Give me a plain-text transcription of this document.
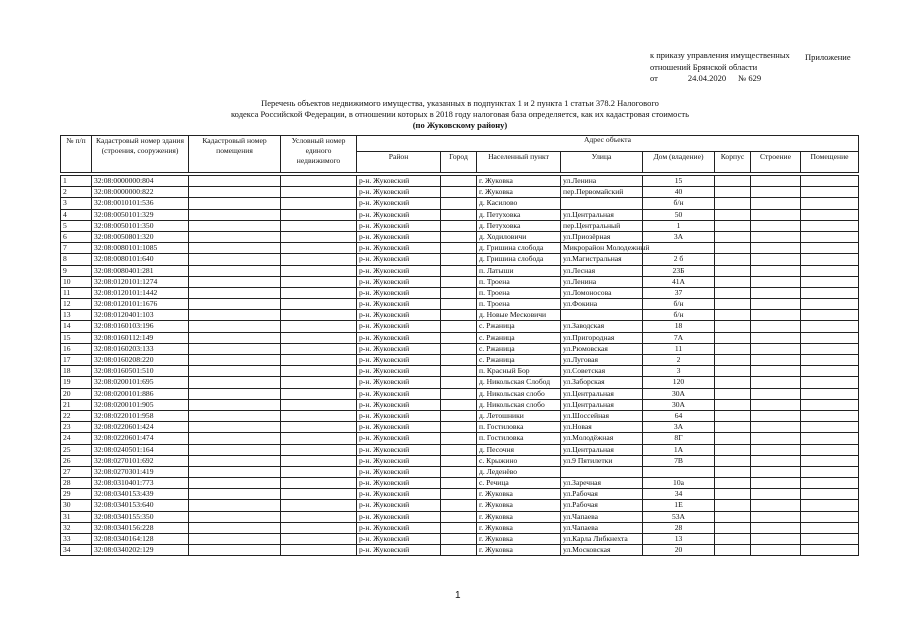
Приложение
к приказу управления имущественных
отношений Брянской области
от	24.04.2020 № 629
Перечень объектов недвижимого имущества, указанных в подпунктах 1 и 2 пункта 1 статьи 378.2 Налогового
кодекса Российской Федерации, в отношении которых в 2018 году налоговая база определяется, как их кадастровая стоимость
(по Жуковскому району)
№ п/п	Кадастровый номер здания (строения, сооружения)	Кадастровый номер помещения	Условный номер единого недвижимого	Адрес объекта							
				Район	Город	Населенный пункт	Улица	Дом (владение)	Корпус	Строение	Помещение

1	32:08:0000000:804			р-н. Жуковский		г. Жуковка	ул.Ленина	15			
2	32:08:0000000:822			р-н. Жуковский		г. Жуковка	пер.Первомайский	40			
3	32:08:0010101:536			р-н. Жуковский		д. Касилово		б/н			
4	32:08:0050101:329			р-н. Жуковский		д. Петуховка	ул.Центральная	50			
5	32:08:0050101:350			р-н. Жуковский		д. Петуховка	пер.Центральный	1			
6	32:08:0050801:320			р-н. Жуковский		д. Ходиловичи	ул.Приозёрная	3А			
7	32:08:0080101:1085			р-н. Жуковский		д. Гришина слобода	Микрорайон Молодежный				
8	32:08:0080101:640			р-н. Жуковский		д. Гришина слобода	ул.Магистральная	2 б			
9	32:08:0080401:281			р-н. Жуковский		п. Латыши	ул.Лесная	23Б			
10	32:08:0120101:1274			р-н. Жуковский		п. Троена	ул.Ленина	41А			
11	32:08:0120101:1442			р-н. Жуковский		п. Троена	ул.Ломоносова	37			
12	32:08:0120101:1676			р-н. Жуковский		п. Троена	ул.Фокина	б/н			
13	32:08:0120401:103			р-н. Жуковский		д. Новые Месковичи		б/н			
14	32:08:0160103:196			р-н. Жуковский		с. Ржаница	ул.Заводская	18			
15	32:08:0160112:149			р-н. Жуковский		с. Ржаница	ул.Пригородная	7А			
16	32:08:0160203:133			р-н. Жуковский		с. Ржаница	ул.Рюмовская	11			
17	32:08:0160208:220			р-н. Жуковский		с. Ржаница	ул.Луговая	2			
18	32:08:0160501:510			р-н. Жуковский		п. Красный Бор	ул.Советская	3			
19	32:08:0200101:695			р-н. Жуковский		д. Никольская Слобод	ул.Заборская	120			
20	32:08:0200101:886			р-н. Жуковский		д. Никольская слобо	ул.Центральная	30А			
21	32:08:0200101:905			р-н. Жуковский		д. Никольская слобо	ул.Центральная	30А			
22	32:08:0220101:958			р-н. Жуковский		д. Летошники	ул.Шоссейная	64			
23	32:08:0220601:424			р-н. Жуковский		п. Гостиловка	ул.Новая	3А			
24	32:08:0220601:474			р-н. Жуковский		п. Гостиловка	ул.Молодёжная	8Г			
25	32:08:0240501:164			р-н. Жуковский		д. Песочня	ул.Центральная	1А			
26	32:08:0270101:692			р-н. Жуковский		с. Крыжино	ул.9 Пятилетки	7В			
27	32:08:0270301:419			р-н. Жуковский		д. Леденёво					
28	32:08:0310401:773			р-н. Жуковский		с. Речица	ул.Заречная	10а			
29	32:08:0340153:439			р-н. Жуковский		г. Жуковка	ул.Рабочая	34			
30	32:08:0340153:640			р-н. Жуковский		г. Жуковка	ул.Рабочая	1Е			
31	32:08:0340155:350			р-н. Жуковский		г. Жуковка	ул.Чапаева	53А			
32	32:08:0340156:228			р-н. Жуковский		г. Жуковка	ул.Чапаева	28			
33	32:08:0340164:128			р-н. Жуковский		г. Жуковка	ул.Карла Либкнехта	13			
34	32:08:0340202:129			р-н. Жуковский		г. Жуковка	ул.Московская	20			
1
